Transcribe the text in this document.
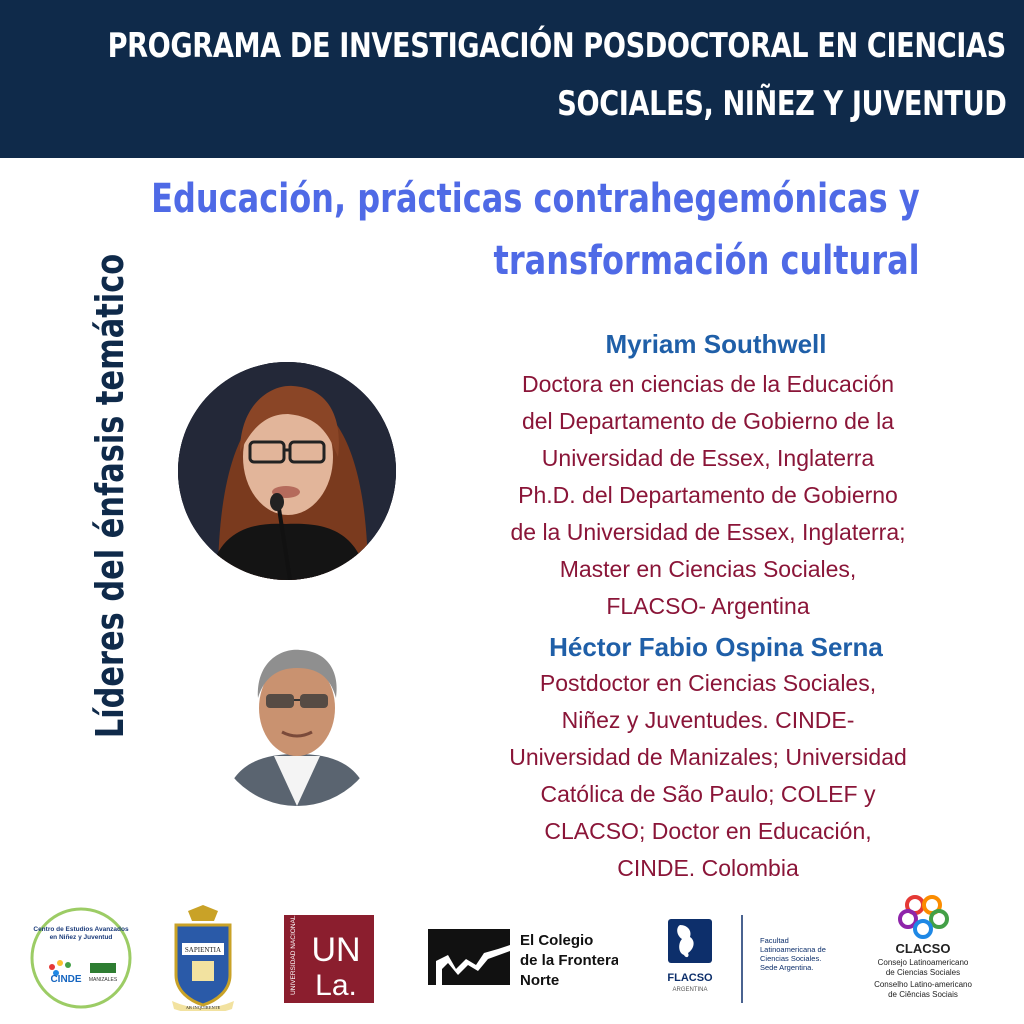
PROGRAMA DE INVESTIGACIÓN POSDOCTORAL EN CIENCIAS
SOCIALES, NIÑEZ Y JUVENTUD
Educación, prácticas contrahegemónicas y
transformación cultural
Líderes del énfasis temático	Myriam Southwell
Doctora en ciencias de la Educación
del Departamento de Gobierno de la
Universidad de Essex, Inglaterra
Ph.D. del Departamento de Gobierno
de la Universidad de Essex, Inglaterra;
Master en Ciencias Sociales,
FLACSO- Argentina
Héctor Fabio Ospina Serna
Postdoctor en Ciencias Sociales,
Niñez y Juventudes. CINDE-
Universidad de Manizales; Universidad
Católica de São Paulo; COLEF y
CLACSO; Doctor en Educación,
CINDE. Colombia
Centro de Estudios Avanzados
en Niñez y Juventud
CINDE MANIZALES
SAPIENTIA
AB INQUIRENTE
UNIVERSIDAD NACIONAL DE LANÚS UN
La.
El Colegio
de la Frontera
Norte	FLACSO
ARGENTINA
Facultad
Latinoamericana de
Ciencias Sociales.
Sede Argentina.
CLACSO
Consejo Latinoamericano
de Ciencias Sociales
Conselho Latino-americano
de Ciências Sociais
